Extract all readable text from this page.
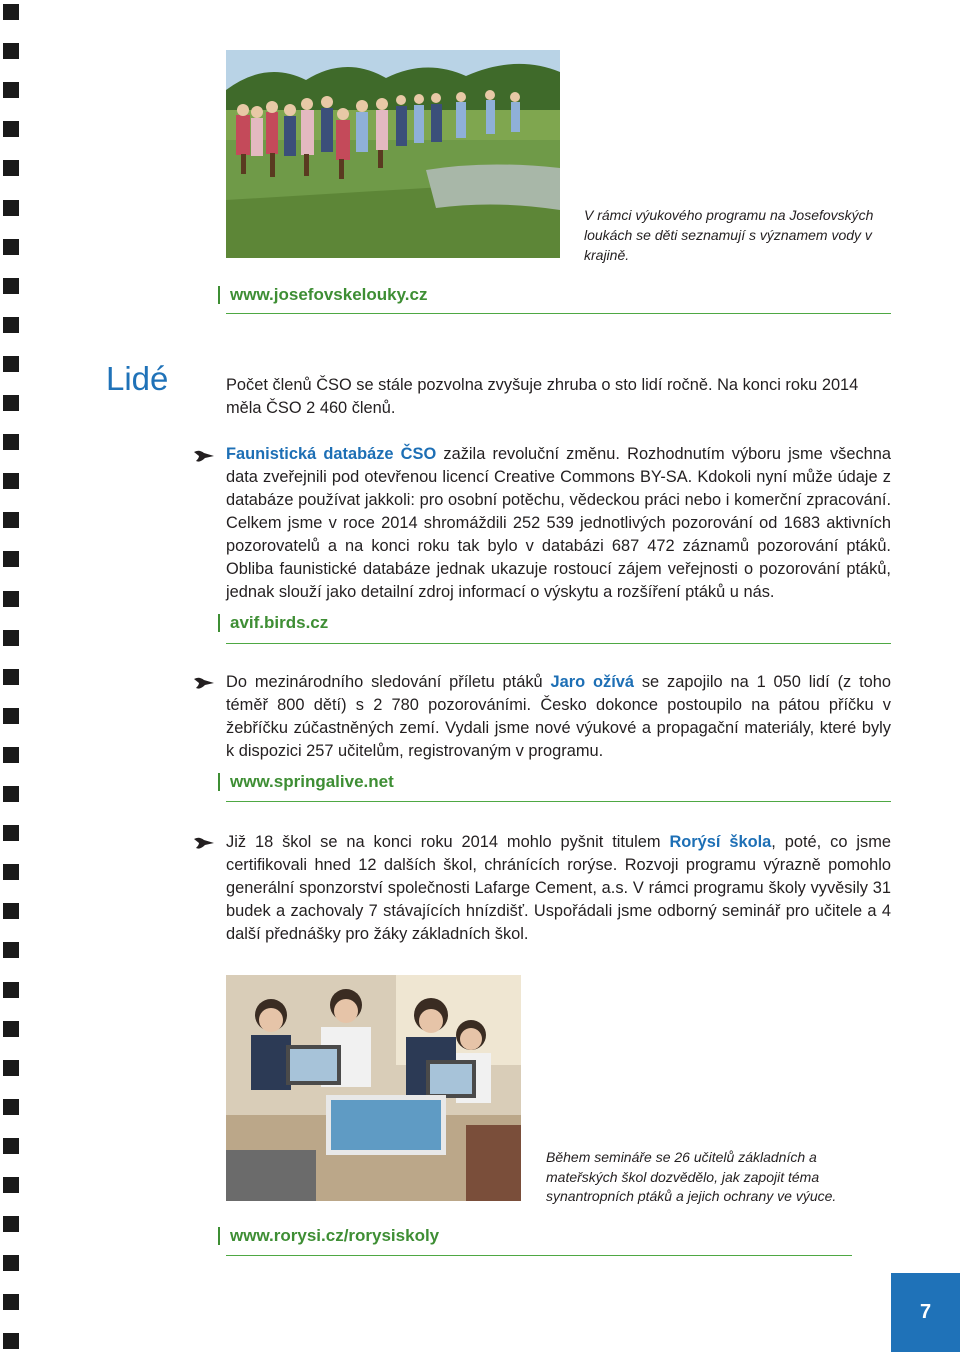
V rámci výukového programu na Josefovských loukách se děti seznamují s významem vody v krajině.
www.josefovskelouky.cz
Lidé	Počet členů ČSO se stále pozvolna zvyšuje zhruba o sto lidí ročně. Na konci roku 2014 měla ČSO 2 460 členů.
Faunistická databáze ČSO zažila revoluční změnu. Rozhodnutím výboru jsme všechna data zveřejnili pod otevřenou licencí Creative Commons BY-SA. Kdokoli nyní může údaje z databáze používat jakkoli: pro osobní potěchu, vědeckou práci nebo i komerční zpracování. Celkem jsme v roce 2014 shromáždili 252 539 jednotlivých pozorování od 1683 aktivních pozorovatelů a na konci roku tak bylo v databázi 687 472 záznamů pozorování ptáků. Obliba faunistické databáze jednak ukazuje rostoucí zájem veřejnosti o pozorování ptáků, jednak slouží jako detailní zdroj informací o výskytu a rozšíření ptáků u nás.
avif.birds.cz
Do mezinárodního sledování příletu ptáků Jaro ožívá se zapojilo na 1 050 lidí (z toho téměř 800 dětí) s 2 780 pozorováními. Česko dokonce postoupilo na pátou příčku v žebříčku zúčastněných zemí. Vydali jsme nové výukové a propagační materiály, které byly k dispozici 257 učitelům, registrovaným v programu.
www.springalive.net
Již 18 škol se na konci roku 2014 mohlo pyšnit titulem Rorýsí škola, poté, co jsme certifikovali hned 12 dalších škol, chránících rorýse. Rozvoji programu výrazně pomohlo generální sponzorství společnosti Lafarge Cement, a.s. V rámci programu školy vyvěsily 31 budek a zachovaly 7 stávajících hnízdišť. Uspořádali jsme odborný seminář pro učitele a 4 další přednášky pro žáky základních škol.
Během semináře se 26 učitelů základních a mateřských škol dozvědělo, jak zapojit téma synantropních ptáků a jejich ochrany ve výuce.
www.rorysi.cz/rorysiskoly
7
